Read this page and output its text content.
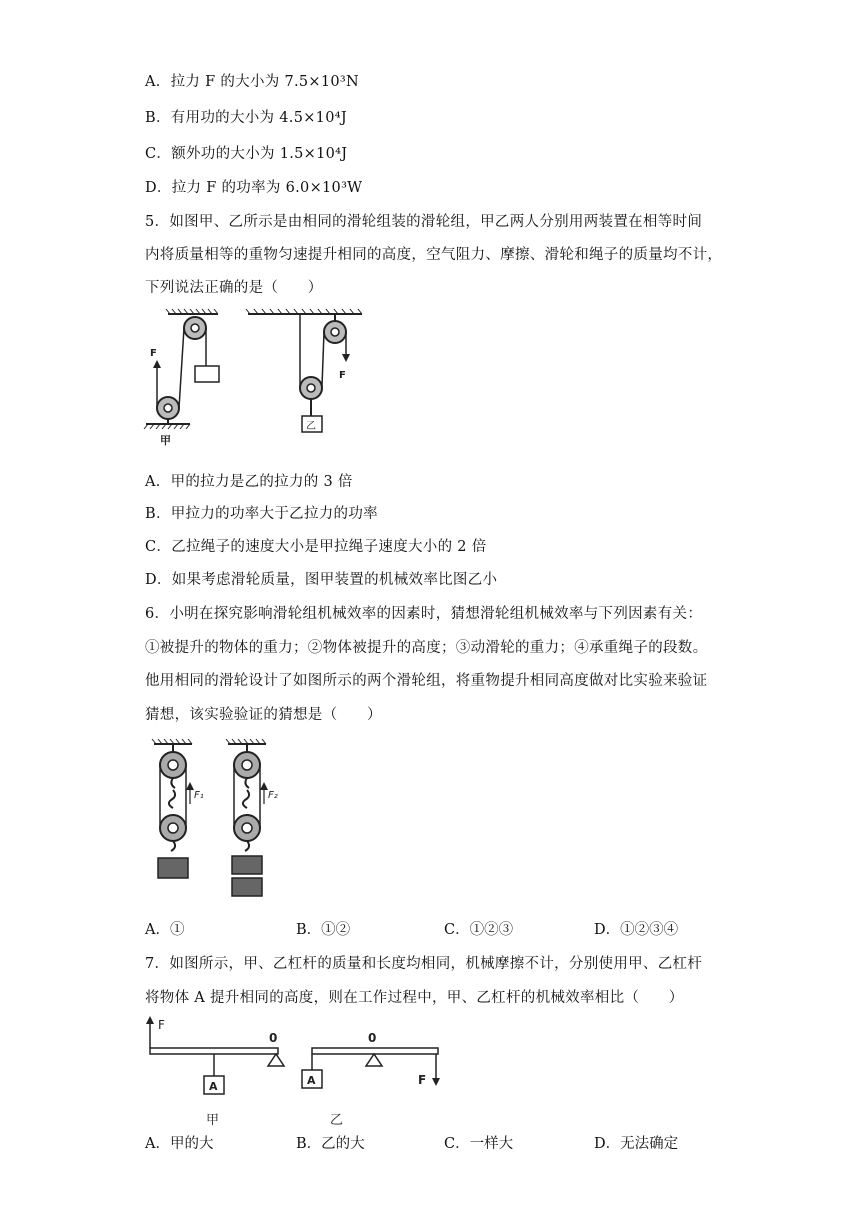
A．拉力 F 的大小为 7.5×10³N
B．有用功的大小为 4.5×10⁴J
C．额外功的大小为 1.5×10⁴J
D．拉力 F 的功率为 6.0×10³W
5．如图甲、乙所示是由相同的滑轮组装的滑轮组，甲乙两人分别用两装置在相等时间
内将质量相等的重物匀速提升相同的高度，空气阻力、摩擦、滑轮和绳子的质量均不计，
下列说法正确的是（　　）
F
甲
F
乙
A．甲的拉力是乙的拉力的 3 倍
B．甲拉力的功率大于乙拉力的功率
C．乙拉绳子的速度大小是甲拉绳子速度大小的 2 倍
D．如果考虑滑轮质量，图甲装置的机械效率比图乙小
6．小明在探究影响滑轮组机械效率的因素时，猜想滑轮组机械效率与下列因素有关：
①被提升的物体的重力；②物体被提升的高度；③动滑轮的重力；④承重绳子的段数。
他用相同的滑轮设计了如图所示的两个滑轮组，将重物提升相同高度做对比实验来验证
猜想，该实验验证的猜想是（　　）
F₁	F₂
A．①	B．①②	C．①②③	D．①②③④
7．如图所示，甲、乙杠杆的质量和长度均相同，机械摩擦不计，分别使用甲、乙杠杆
将物体 A 提升相同的高度，则在工作过程中，甲、乙杠杆的机械效率相比（　　）
F
0
A
甲
0
A	F
乙
A．甲的大	B．乙的大	C．一样大	D．无法确定
